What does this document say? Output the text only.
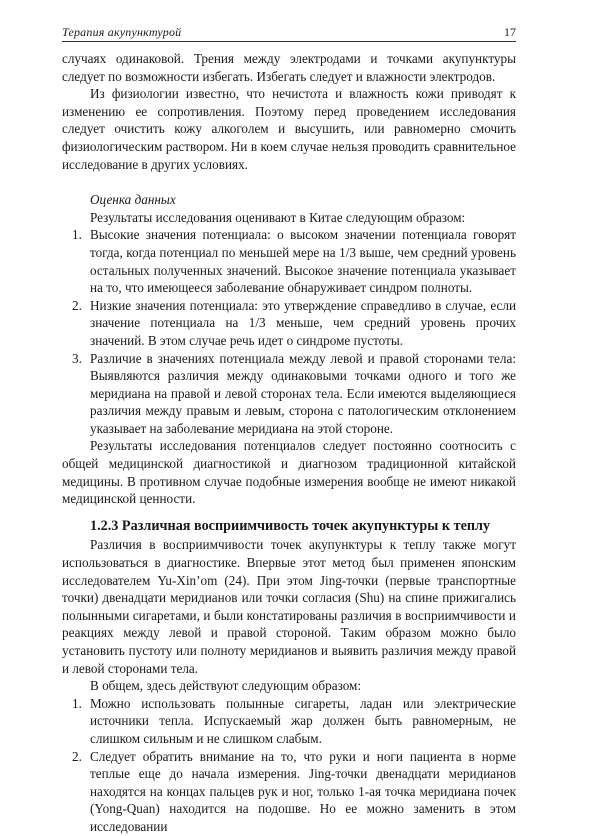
Терапия акупунктурой	17

случаях одинаковой. Трения между электродами и точками акупунктуры следует по возможности избегать. Избегать следует и влажности электродов.

Из физиологии известно, что нечистота и влажность кожи приводят к изменению ее сопротивления. Поэтому перед проведением исследования следует очистить кожу алкоголем и высушить, или равномерно смочить физиологическим раствором. Ни в коем случае нельзя проводить сравнительное исследование в других условиях.

Оценка данных

Результаты исследования оценивают в Китае следующим образом:

1. Высокие значения потенциала: о высоком значении потенциала говорят тогда, когда потенциал по меньшей мере на 1/3 выше, чем средний уровень остальных полученных значений. Высокое значение потенциала указывает на то, что имеющееся заболевание обнаруживает синдром полноты.
2. Низкие значения потенциала: это утверждение справедливо в случае, если значение потенциала на 1/3 меньше, чем средний уровень прочих значений. В этом случае речь идет о синдроме пустоты.
3. Различие в значениях потенциала между левой и правой сторонами тела: Выявляются различия между одинаковыми точками одного и того же меридиана на правой и левой сторонах тела. Если имеются выделяющиеся различия между правым и левым, сторона с патологическим отклонением указывает на заболевание меридиана на этой стороне.

Результаты исследования потенциалов следует постоянно соотносить с общей медицинской диагностикой и диагнозом традиционной китайской медицины. В противном случае подобные измерения вообще не имеют никакой медицинской ценности.

1.2.3 Различная восприимчивость точек акупунктуры к теплу

Различия в восприимчивости точек акупунктуры к теплу также могут использоваться в диагностике. Впервые этот метод был применен японским исследователем Yu-Xin’om (24). При этом Jing-точки (первые транспортные точки) двенадцати меридианов или точки согласия (Shu) на спине прижигались полынными сигаретами, и были констатированы различия в восприимчивости и реакциях между левой и правой стороной. Таким образом можно было установить пустоту или полноту меридианов и выявить различия между правой и левой сторонами тела.

В общем, здесь действуют следующим образом:

1. Можно использовать полынные сигареты, ладан или электрические источники тепла. Испускаемый жар должен быть равномерным, не слишком сильным и не слишком слабым.
2. Следует обратить внимание на то, что руки и ноги пациента в норме теплые еще до начала измерения. Jing-точки двенадцати меридианов находятся на концах пальцев рук и ног, только 1-ая точка меридиана почек (Yong-Quan) находится на подошве. Но ее можно заменить в этом исследовании
